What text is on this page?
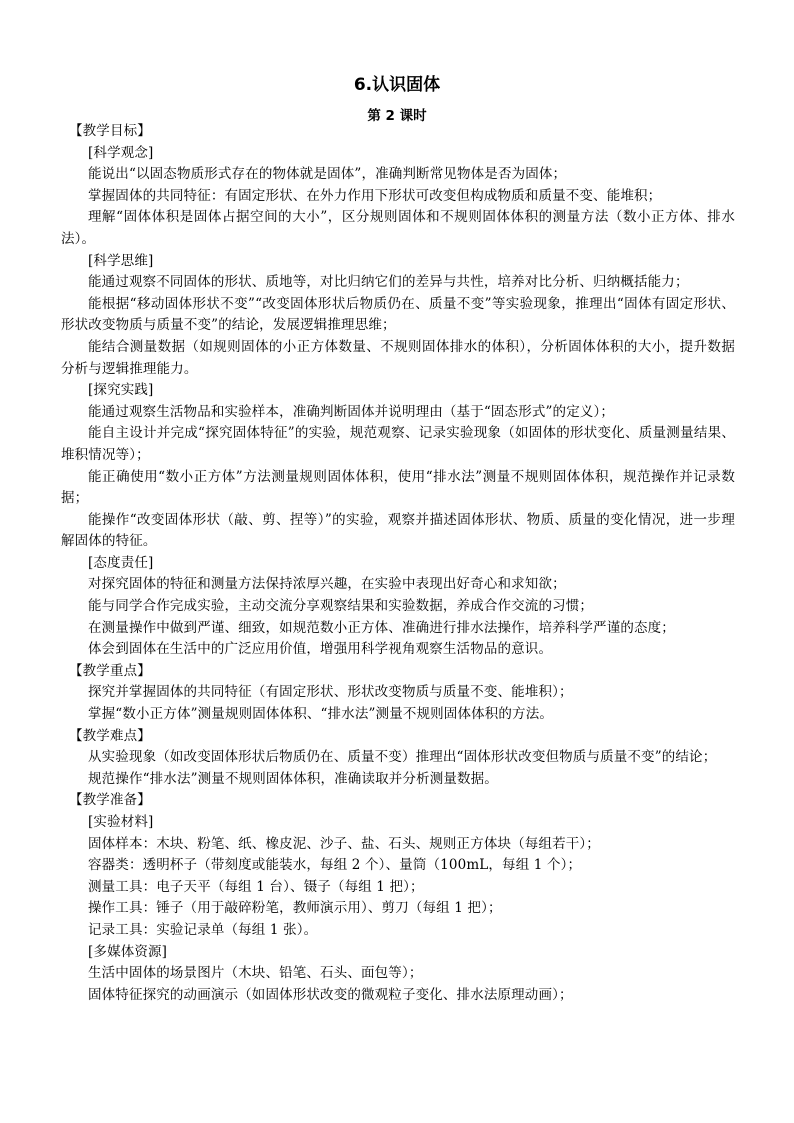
6.认识固体
第 2 课时

【教学目标】

[科学观念]

能说出“以固态物质形式存在的物体就是固体”，准确判断常见物体是否为固体；

掌握固体的共同特征：有固定形状、在外力作用下形状可改变但构成物质和质量不变、能堆积；

理解“固体体积是固体占据空间的大小”，区分规则固体和不规则固体体积的测量方法（数小正方体、排水法）。

[科学思维]

能通过观察不同固体的形状、质地等，对比归纳它们的差异与共性，培养对比分析、归纳概括能力；

能根据“移动固体形状不变”“改变固体形状后物质仍在、质量不变”等实验现象，推理出“固体有固定形状、形状改变物质与质量不变”的结论，发展逻辑推理思维；

能结合测量数据（如规则固体的小正方体数量、不规则固体排水的体积），分析固体体积的大小，提升数据分析与逻辑推理能力。

[探究实践]

能通过观察生活物品和实验样本，准确判断固体并说明理由（基于“固态形式”的定义）；

能自主设计并完成“探究固体特征”的实验，规范观察、记录实验现象（如固体的形状变化、质量测量结果、堆积情况等）；

能正确使用“数小正方体”方法测量规则固体体积，使用“排水法”测量不规则固体体积，规范操作并记录数据；

能操作“改变固体形状（敲、剪、捏等）”的实验，观察并描述固体形状、物质、质量的变化情况，进一步理解固体的特征。

[态度责任]

对探究固体的特征和测量方法保持浓厚兴趣，在实验中表现出好奇心和求知欲；

能与同学合作完成实验，主动交流分享观察结果和实验数据，养成合作交流的习惯；

在测量操作中做到严谨、细致，如规范数小正方体、准确进行排水法操作，培养科学严谨的态度；

体会到固体在生活中的广泛应用价值，增强用科学视角观察生活物品的意识。

【教学重点】

探究并掌握固体的共同特征（有固定形状、形状改变物质与质量不变、能堆积）；

掌握“数小正方体”测量规则固体体积、“排水法”测量不规则固体体积的方法。

【教学难点】

从实验现象（如改变固体形状后物质仍在、质量不变）推理出“固体形状改变但物质与质量不变”的结论；

规范操作“排水法”测量不规则固体体积，准确读取并分析测量数据。

【教学准备】

[实验材料]

固体样本：木块、粉笔、纸、橡皮泥、沙子、盐、石头、规则正方体块（每组若干）；

容器类：透明杯子（带刻度或能装水，每组 2 个）、量筒（100mL，每组 1 个）；

测量工具：电子天平（每组 1 台）、镊子（每组 1 把）；

操作工具：锤子（用于敲碎粉笔，教师演示用）、剪刀（每组 1 把）；

记录工具：实验记录单（每组 1 张）。

[多媒体资源]

生活中固体的场景图片（木块、铅笔、石头、面包等）；

固体特征探究的动画演示（如固体形状改变的微观粒子变化、排水法原理动画）；
